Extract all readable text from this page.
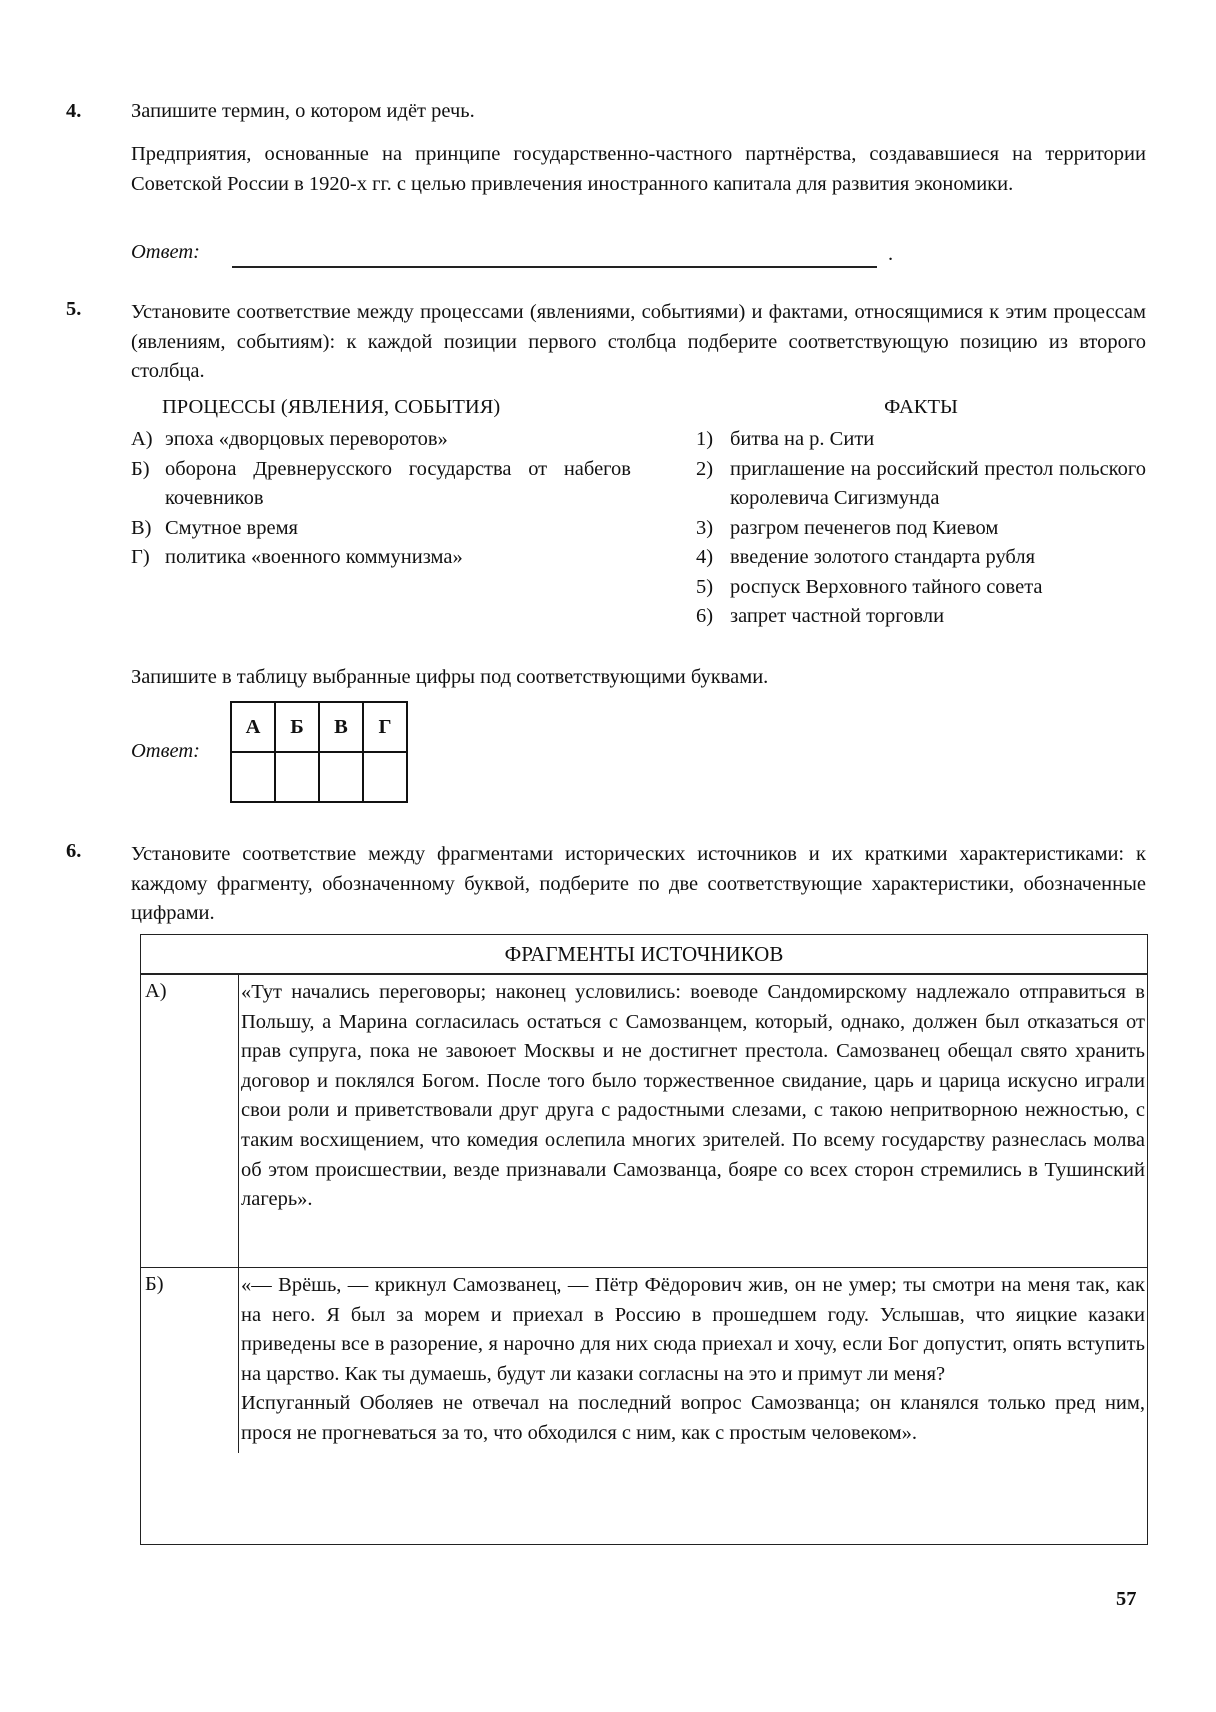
4. Запишите термин, о котором идёт речь.
Предприятия, основанные на принципе государственно-частного партнёрства, создававшиеся на территории Советской России в 1920-х гг. с целью привлечения иностранного капитала для развития экономики.
Ответ:	.
5. Установите соответствие между процессами (явлениями, событиями) и фактами, относящимися к этим процессам (явлениям, событиям): к каждой позиции первого столбца подберите соответствующую позицию из второго столбца.
ПРОЦЕССЫ (ЯВЛЕНИЯ, СОБЫТИЯ)	ФАКТЫ
А) эпоха «дворцовых переворотов»
Б) оборона Древнерусского государства от набегов кочевников
В) Смутное время
Г) политика «военного коммунизма»
1) битва на р. Сити
2) приглашение на российский престол польского королевича Сигизмунда
3) разгром печенегов под Киевом
4) введение золотого стандарта рубля
5) роспуск Верховного тайного совета
6) запрет частной торговли
Запишите в таблицу выбранные цифры под соответствующими буквами.
Ответ:
А	Б	В	Г

6. Установите соответствие между фрагментами исторических источников и их краткими характеристиками: к каждому фрагменту, обозначенному буквой, подберите по две соответствующие характеристики, обозначенные цифрами.
ФРАГМЕНТЫ ИСТОЧНИКОВ
А)	«Тут начались переговоры; наконец условились: воеводе Сандомирскому надлежало отправиться в Польшу, а Марина согласилась остаться с Самозванцем, который, однако, должен был отказаться от прав супруга, пока не завоюет Москвы и не достигнет престола. Самозванец обещал свято хранить договор и поклялся Богом. После того было торжественное свидание, царь и царица искусно играли свои роли и приветствовали друг друга с радостными слезами, с такою непритворною нежностью, с таким восхищением, что комедия ослепила многих зрителей. По всему государству разнеслась молва об этом происшествии, везде признавали Самозванца, бояре со всех сторон стремились в Тушинский лагерь».
Б)	«— Врёшь, — крикнул Самозванец, — Пётр Фёдорович жив, он не умер; ты смотри на меня так, как на него. Я был за морем и приехал в Россию в прошедшем году. Услышав, что яицкие казаки приведены все в разорение, я нарочно для них сюда приехал и хочу, если Бог допустит, опять вступить на царство. Как ты думаешь, будут ли казаки согласны на это и примут ли меня?
Испуганный Оболяев не отвечал на последний вопрос Самозванца; он кланялся только пред ним, прося не прогневаться за то, что обходился с ним, как с простым человеком».
57
